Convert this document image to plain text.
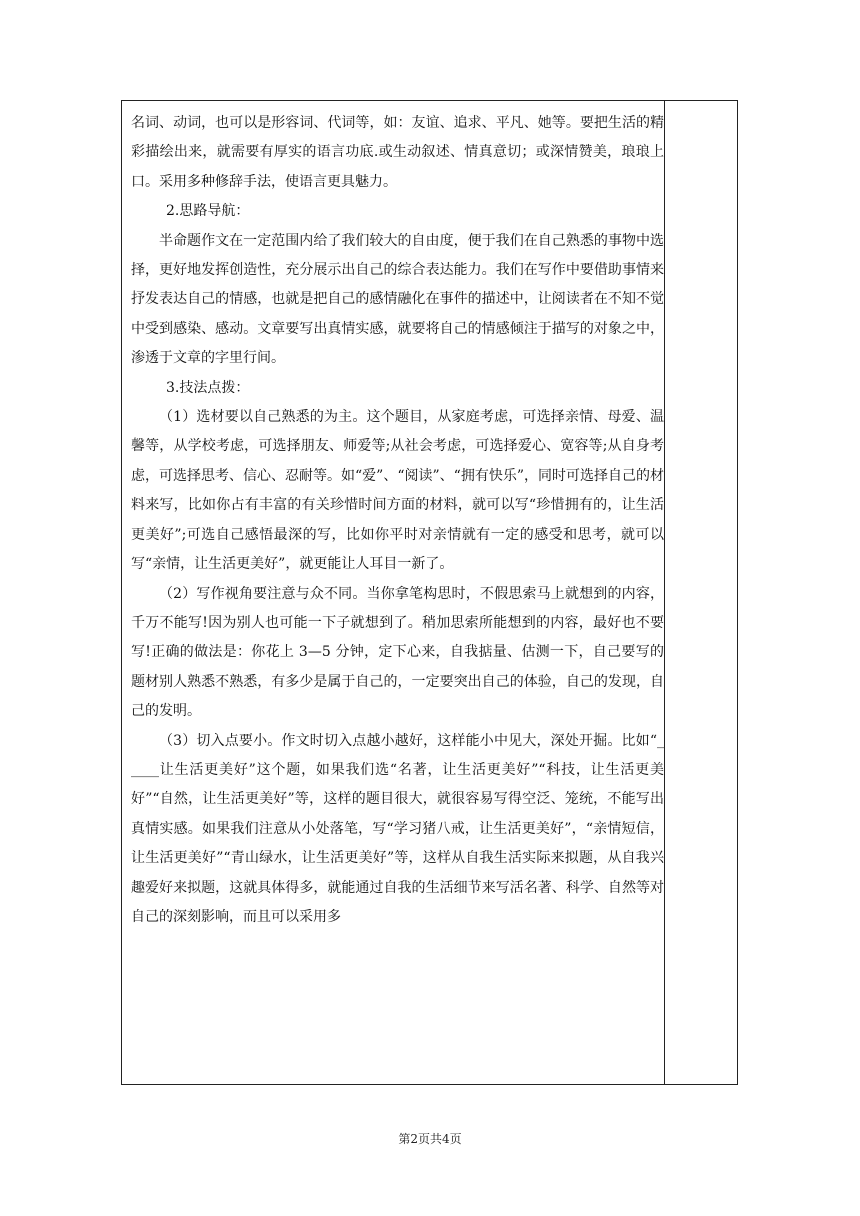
名词、动词，也可以是形容词、代词等，如：友谊、追求、平凡、她等。要把生活的精彩描绘出来，就需要有厚实的语言功底.或生动叙述、情真意切；或深情赞美，琅琅上口。采用多种修辞手法，使语言更具魅力。

2.思路导航：

半命题作文在一定范围内给了我们较大的自由度，便于我们在自己熟悉的事物中选择，更好地发挥创造性，充分展示出自己的综合表达能力。我们在写作中要借助事情来抒发表达自己的情感，也就是把自己的感情融化在事件的描述中，让阅读者在不知不觉中受到感染、感动。文章要写出真情实感，就要将自己的情感倾注于描写的对象之中，渗透于文章的字里行间。

3.技法点拨：

（1）选材要以自己熟悉的为主。这个题目，从家庭考虑，可选择亲情、母爱、温馨等，从学校考虑，可选择朋友、师爱等;从社会考虑，可选择爱心、宽容等;从自身考虑，可选择思考、信心、忍耐等。如“爱”、“阅读”、“拥有快乐”，同时可选择自己的材料来写，比如你占有丰富的有关珍惜时间方面的材料，就可以写“珍惜拥有的，让生活更美好”;可选自己感悟最深的写，比如你平时对亲情就有一定的感受和思考，就可以写“亲情，让生活更美好”，就更能让人耳目一新了。

（2）写作视角要注意与众不同。当你拿笔构思时，不假思索马上就想到的内容，千万不能写!因为别人也可能一下子就想到了。稍加思索所能想到的内容，最好也不要写!正确的做法是：你花上 3—5 分钟，定下心来，自我掂量、估测一下，自己要写的题材别人熟悉不熟悉，有多少是属于自己的，一定要突出自己的体验，自己的发现，自己的发明。

（3）切入点要小。作文时切入点越小越好，这样能小中见大，深处开掘。比如“_____让生活更美好”这个题，如果我们选“名著，让生活更美好”“科技，让生活更美好”“自然，让生活更美好”等，这样的题目很大，就很容易写得空泛、笼统，不能写出真情实感。如果我们注意从小处落笔，写“学习猪八戒，让生活更美好”，“亲情短信，让生活更美好”“青山绿水，让生活更美好”等，这样从自我生活实际来拟题，从自我兴趣爱好来拟题，这就具体得多，就能通过自我的生活细节来写活名著、科学、自然等对自己的深刻影响，而且可以采用多

第2页共4页
